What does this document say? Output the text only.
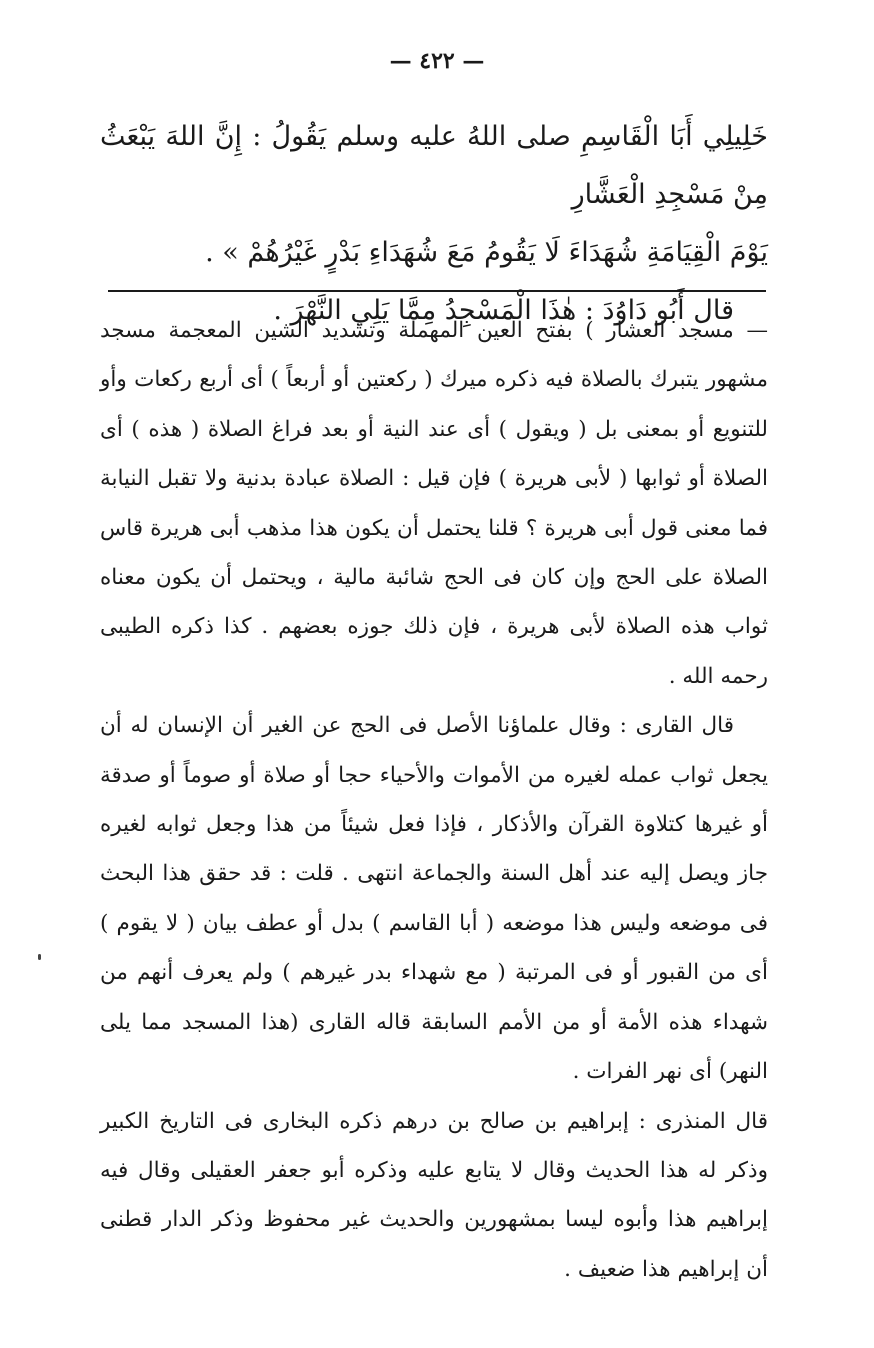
— ٤٢٢ —

خَلِيلِي أَبَا الْقَاسِمِ صلى اللهُ عليه وسلم يَقُولُ : إِنَّ اللهَ يَبْعَثُ مِنْ مَسْجِدِ الْعَشَّارِ

يَوْمَ الْقِيَامَةِ شُهَدَاءَ لَا يَقُومُ مَعَ شُهَدَاءِ بَدْرٍ غَيْرُهُمْ » .

قال أَبُو دَاوُدَ : هٰذَا الْمَسْجِدُ مِمَّا يَلِي النَّهْرَ .

— مسجد العشار ) بفتح العين المهملة وتشديد الشين المعجمة مسجد مشهور يتبرك بالصلاة فيه ذكره ميرك ( ركعتين أو أربعاً ) أى أربع ركعات وأو للتنويع أو بمعنى بل ( ويقول ) أى عند النية أو بعد فراغ الصلاة ( هذه ) أى الصلاة أو ثوابها ( لأبى هريرة ) فإن قيل : الصلاة عبادة بدنية ولا تقبل النيابة فما معنى قول أبى هريرة ؟ قلنا يحتمل أن يكون هذا مذهب أبى هريرة قاس الصلاة على الحج وإن كان فى الحج شائبة مالية ، ويحتمل أن يكون معناه ثواب هذه الصلاة لأبى هريرة ، فإن ذلك جوزه بعضهم . كذا ذكره الطيبى رحمه الله .

قال القارى : وقال علماؤنا الأصل فى الحج عن الغير أن الإنسان له أن يجعل ثواب عمله لغيره من الأموات والأحياء حجا أو صلاة أو صوماً أو صدقة أو غيرها كتلاوة القرآن والأذكار ، فإذا فعل شيئاً من هذا وجعل ثوابه لغيره جاز ويصل إليه عند أهل السنة والجماعة انتهى . قلت : قد حقق هذا البحث فى موضعه وليس هذا موضعه ( أبا القاسم ) بدل أو عطف بيان ( لا يقوم ) أى من القبور أو فى المرتبة ( مع شهداء بدر غيرهم ) ولم يعرف أنهم من شهداء هذه الأمة أو من الأمم السابقة قاله القارى (هذا المسجد مما يلى النهر) أى نهر الفرات .

قال المنذرى : إبراهيم بن صالح بن درهم ذكره البخارى فى التاريخ الكبير وذكر له هذا الحديث وقال لا يتابع عليه وذكره أبو جعفر العقيلى وقال فيه إبراهيم هذا وأبوه ليسا بمشهورين والحديث غير محفوظ وذكر الدار قطنى أن إبراهيم هذا ضعيف .
